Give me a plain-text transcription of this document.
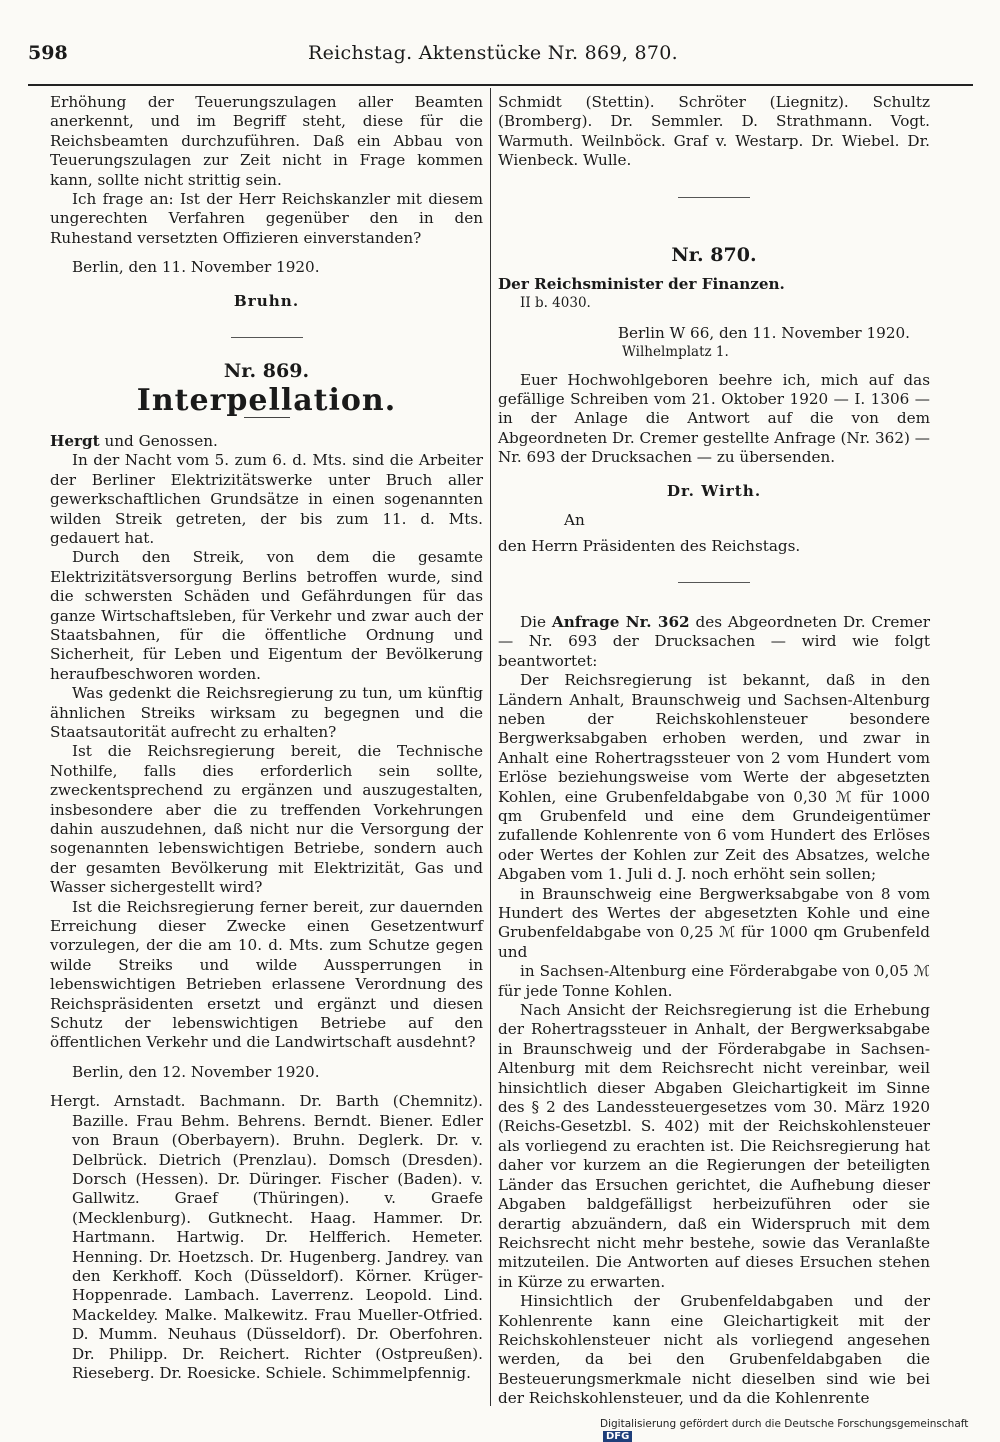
598	Reichstag. Aktenstücke Nr. 869, 870.

Erhöhung der Teuerungszulagen aller Beamten anerkennt, und im Begriff steht, diese für die Reichsbeamten durchzuführen. Daß ein Abbau von Teuerungszulagen zur Zeit nicht in Frage kommen kann, sollte nicht strittig sein.

Ich frage an: Ist der Herr Reichskanzler mit diesem ungerechten Verfahren gegenüber den in den Ruhestand versetzten Offizieren einverstanden?

Berlin, den 11. November 1920.

Bruhn.

Nr. 869.

Interpellation.

Hergt und Genossen.

In der Nacht vom 5. zum 6. d. Mts. sind die Arbeiter der Berliner Elektrizitätswerke unter Bruch aller gewerkschaftlichen Grundsätze in einen sogenannten wilden Streik getreten, der bis zum 11. d. Mts. gedauert hat.

Durch den Streik, von dem die gesamte Elektrizitätsversorgung Berlins betroffen wurde, sind die schwersten Schäden und Gefährdungen für das ganze Wirtschaftsleben, für Verkehr und zwar auch der Staatsbahnen, für die öffentliche Ordnung und Sicherheit, für Leben und Eigentum der Bevölkerung heraufbeschworen worden.

Was gedenkt die Reichsregierung zu tun, um künftig ähnlichen Streiks wirksam zu begegnen und die Staatsautorität aufrecht zu erhalten?

Ist die Reichsregierung bereit, die Technische Nothilfe, falls dies erforderlich sein sollte, zweckentsprechend zu ergänzen und auszugestalten, insbesondere aber die zu treffenden Vorkehrungen dahin auszudehnen, daß nicht nur die Versorgung der sogenannten lebenswichtigen Betriebe, sondern auch der gesamten Bevölkerung mit Elektrizität, Gas und Wasser sichergestellt wird?

Ist die Reichsregierung ferner bereit, zur dauernden Erreichung dieser Zwecke einen Gesetzentwurf vorzulegen, der die am 10. d. Mts. zum Schutze gegen wilde Streiks und wilde Aussperrungen in lebenswichtigen Betrieben erlassene Verordnung des Reichspräsidenten ersetzt und ergänzt und diesen Schutz der lebenswichtigen Betriebe auf den öffentlichen Verkehr und die Landwirtschaft ausdehnt?

Berlin, den 12. November 1920.

Hergt. Arnstadt. Bachmann. Dr. Barth (Chemnitz). Bazille. Frau Behm. Behrens. Berndt. Biener. Edler von Braun (Oberbayern). Bruhn. Deglerk. Dr. v. Delbrück. Dietrich (Prenzlau). Domsch (Dresden). Dorsch (Hessen). Dr. Düringer. Fischer (Baden). v. Gallwitz. Graef (Thüringen). v. Graefe (Mecklenburg). Gutknecht. Haag. Hammer. Dr. Hartmann. Hartwig. Dr. Helfferich. Hemeter. Henning. Dr. Hoetzsch. Dr. Hugenberg. Jandrey. van den Kerkhoff. Koch (Düsseldorf). Körner. Krüger-Hoppenrade. Lambach. Laverrenz. Leopold. Lind. Mackeldey. Malke. Malkewitz. Frau Mueller-Otfried. D. Mumm. Neuhaus (Düsseldorf). Dr. Oberfohren. Dr. Philipp. Dr. Reichert. Richter (Ostpreußen). Rieseberg. Dr. Roesicke. Schiele. Schimmelpfennig.

Schmidt (Stettin). Schröter (Liegnitz). Schultz (Bromberg). Dr. Semmler. D. Strathmann. Vogt. Warmuth. Weilnböck. Graf v. Westarp. Dr. Wiebel. Dr. Wienbeck. Wulle.

Nr. 870.

Der Reichsminister der Finanzen.

II b. 4030.

Berlin W 66, den 11. November 1920.

Wilhelmplatz 1.

Euer Hochwohlgeboren beehre ich, mich auf das gefällige Schreiben vom 21. Oktober 1920 — I. 1306 — in der Anlage die Antwort auf die von dem Abgeordneten Dr. Cremer gestellte Anfrage (Nr. 362) — Nr. 693 der Drucksachen — zu übersenden.

Dr. Wirth.

An

den Herrn Präsidenten des Reichstags.

Die Anfrage Nr. 362 des Abgeordneten Dr. Cremer — Nr. 693 der Drucksachen — wird wie folgt beantwortet:

Der Reichsregierung ist bekannt, daß in den Ländern Anhalt, Braunschweig und Sachsen-Altenburg neben der Reichskohlensteuer besondere Bergwerksabgaben erhoben werden, und zwar in Anhalt eine Rohertragssteuer von 2 vom Hundert vom Erlöse beziehungsweise vom Werte der abgesetzten Kohlen, eine Grubenfeldabgabe von 0,30 ℳ für 1000 qm Grubenfeld und eine dem Grundeigentümer zufallende Kohlenrente von 6 vom Hundert des Erlöses oder Wertes der Kohlen zur Zeit des Absatzes, welche Abgaben vom 1. Juli d. J. noch erhöht sein sollen;

in Braunschweig eine Bergwerksabgabe von 8 vom Hundert des Wertes der abgesetzten Kohle und eine Grubenfeldabgabe von 0,25 ℳ für 1000 qm Grubenfeld und

in Sachsen-Altenburg eine Förderabgabe von 0,05 ℳ für jede Tonne Kohlen.

Nach Ansicht der Reichsregierung ist die Erhebung der Rohertragssteuer in Anhalt, der Bergwerksabgabe in Braunschweig und der Förderabgabe in Sachsen-Altenburg mit dem Reichsrecht nicht vereinbar, weil hinsichtlich dieser Abgaben Gleichartigkeit im Sinne des § 2 des Landessteuergesetzes vom 30. März 1920 (Reichs-Gesetzbl. S. 402) mit der Reichskohlensteuer als vorliegend zu erachten ist. Die Reichsregierung hat daher vor kurzem an die Regierungen der beteiligten Länder das Ersuchen gerichtet, die Aufhebung dieser Abgaben baldgefälligst herbeizuführen oder sie derartig abzuändern, daß ein Widerspruch mit dem Reichsrecht nicht mehr bestehe, sowie das Veranlaßte mitzuteilen. Die Antworten auf dieses Ersuchen stehen in Kürze zu erwarten.

Hinsichtlich der Grubenfeldabgaben und der Kohlenrente kann eine Gleichartigkeit mit der Reichskohlensteuer nicht als vorliegend angesehen werden, da bei den Grubenfeldabgaben die Besteuerungsmerkmale nicht dieselben sind wie bei der Reichskohlensteuer, und da die Kohlenrente

Digitalisierung gefördert durch die Deutsche ForschungsgemeinschaftDFG
